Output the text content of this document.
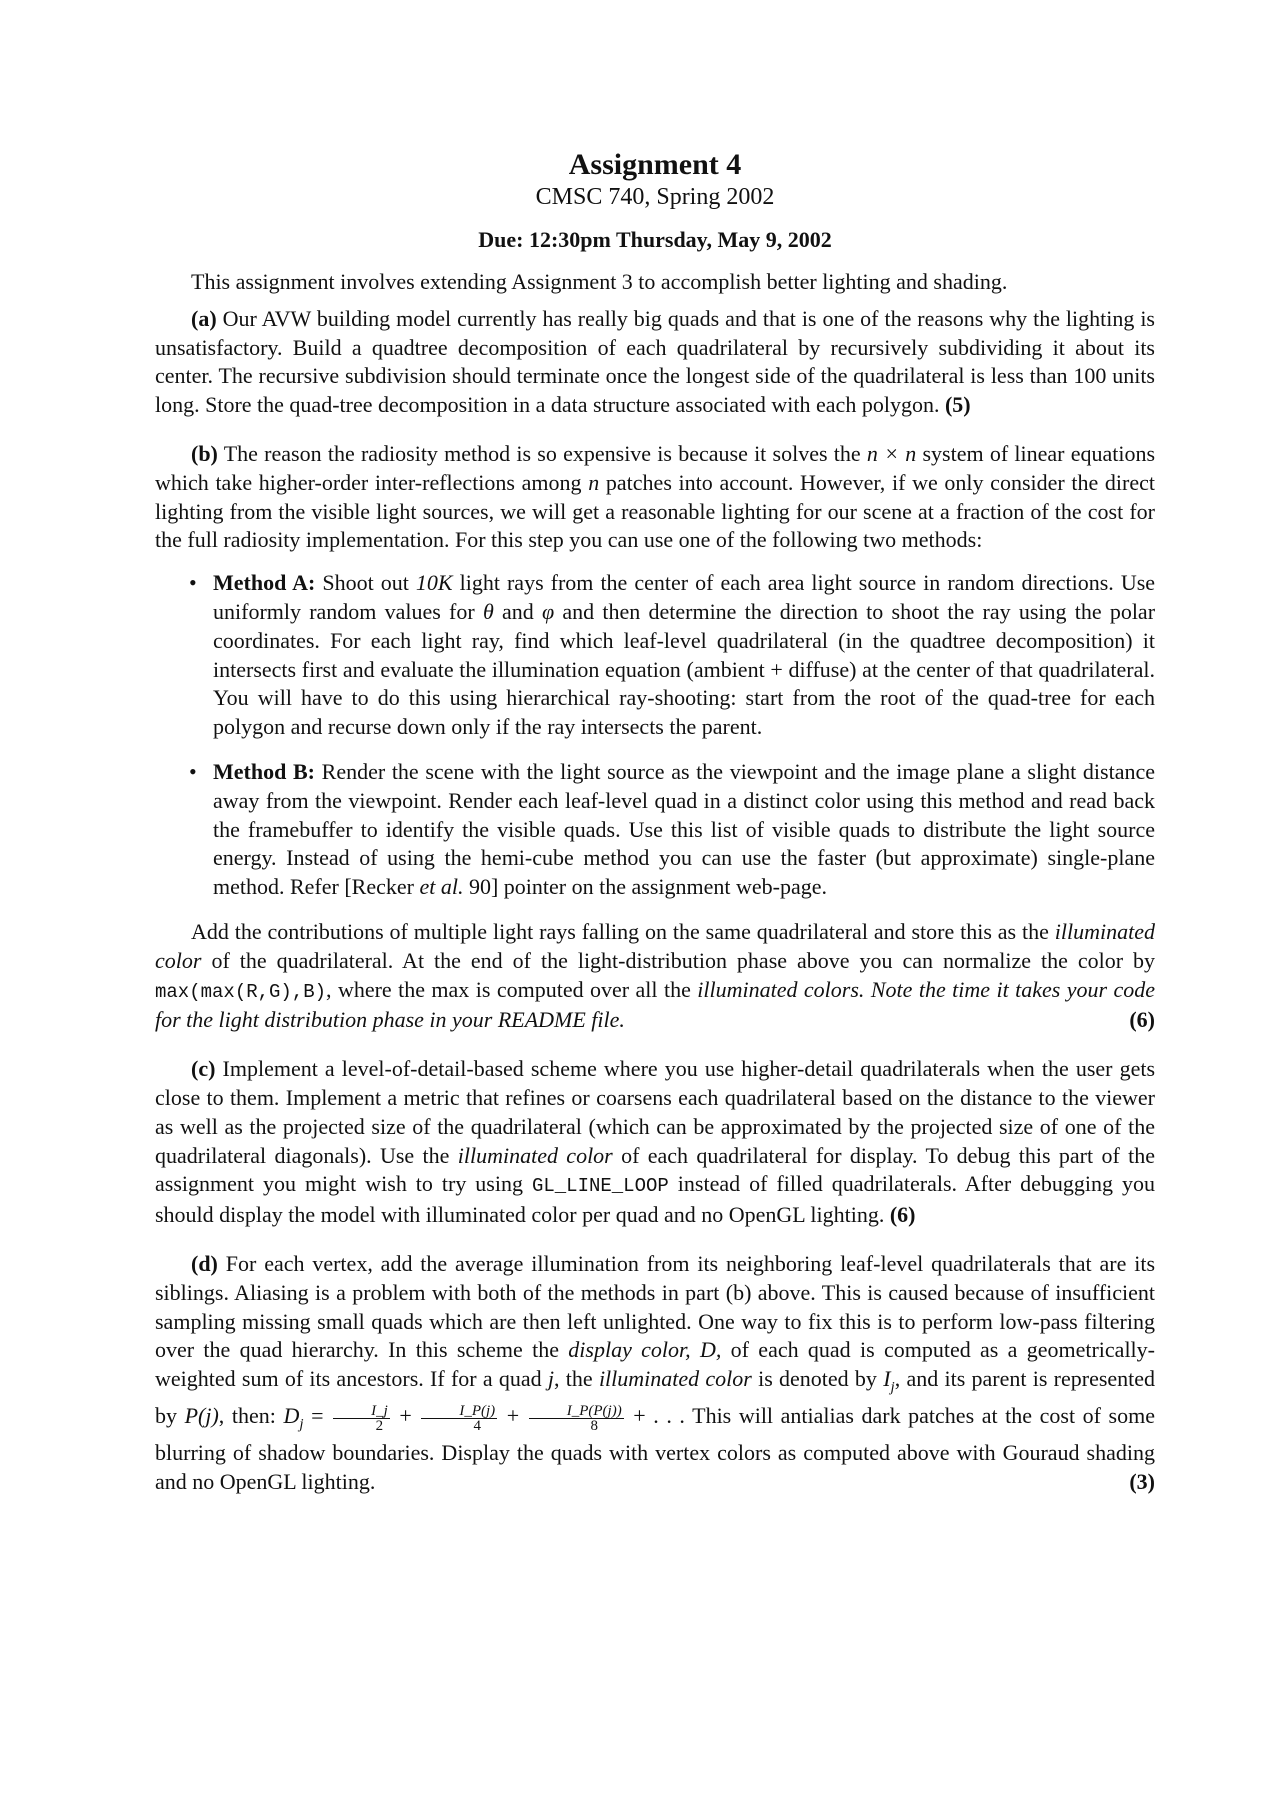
Assignment 4
CMSC 740, Spring 2002
Due: 12:30pm Thursday, May 9, 2002

This assignment involves extending Assignment 3 to accomplish better lighting and shading.

(a) Our AVW building model currently has really big quads and that is one of the reasons why the lighting is unsatisfactory. Build a quadtree decomposition of each quadrilateral by recursively subdividing it about its center. The recursive subdivision should terminate once the longest side of the quadrilateral is less than 100 units long. Store the quad-tree decomposition in a data structure associated with each polygon. (5)

(b) The reason the radiosity method is so expensive is because it solves the n × n system of linear equations which take higher-order inter-reflections among n patches into account. However, if we only consider the direct lighting from the visible light sources, we will get a reasonable lighting for our scene at a fraction of the cost for the full radiosity implementation. For this step you can use one of the following two methods:

• Method A: Shoot out 10K light rays from the center of each area light source in random directions. Use uniformly random values for θ and φ and then determine the direction to shoot the ray using the polar coordinates. For each light ray, find which leaf-level quadrilateral (in the quadtree decomposition) it intersects first and evaluate the illumination equation (ambient + diffuse) at the center of that quadrilateral. You will have to do this using hierarchical ray-shooting: start from the root of the quad-tree for each polygon and recurse down only if the ray intersects the parent.
• Method B: Render the scene with the light source as the viewpoint and the image plane a slight distance away from the viewpoint. Render each leaf-level quad in a distinct color using this method and read back the framebuffer to identify the visible quads. Use this list of visible quads to distribute the light source energy. Instead of using the hemi-cube method you can use the faster (but approximate) single-plane method. Refer [Recker et al. 90] pointer on the assignment web-page.

Add the contributions of multiple light rays falling on the same quadrilateral and store this as the illuminated color of the quadrilateral. At the end of the light-distribution phase above you can normalize the color by max(max(R,G),B), where the max is computed over all the illuminated colors. Note the time it takes your code for the light distribution phase in your README file.	(6)

(c) Implement a level-of-detail-based scheme where you use higher-detail quadrilaterals when the user gets close to them. Implement a metric that refines or coarsens each quadrilateral based on the distance to the viewer as well as the projected size of the quadrilateral (which can be approximated by the projected size of one of the quadrilateral diagonals). Use the illuminated color of each quadrilateral for display. To debug this part of the assignment you might wish to try using GL_LINE_LOOP instead of filled quadrilaterals. After debugging you should display the model with illuminated color per quad and no OpenGL lighting. (6)

(d) For each vertex, add the average illumination from its neighboring leaf-level quadrilaterals that are its siblings. Aliasing is a problem with both of the methods in part (b) above. This is caused because of insufficient sampling missing small quads which are then left unlighted. One way to fix this is to perform low-pass filtering over the quad hierarchy. In this scheme the display color, D, of each quad is computed as a geometrically-weighted sum of its ancestors. If for a quad j, the illuminated color is denoted by $I_j$, and its parent is represented by P(j), then: $D_j = \frac{I\_j}{2} + \frac{I\_P(j)}{4} + \frac{I\_P(P(j))}{8}$ + . . . This will antialias dark patches at the cost of some blurring of shadow boundaries. Display the quads with vertex colors as computed above with Gouraud shading and no OpenGL lighting.	(3)
